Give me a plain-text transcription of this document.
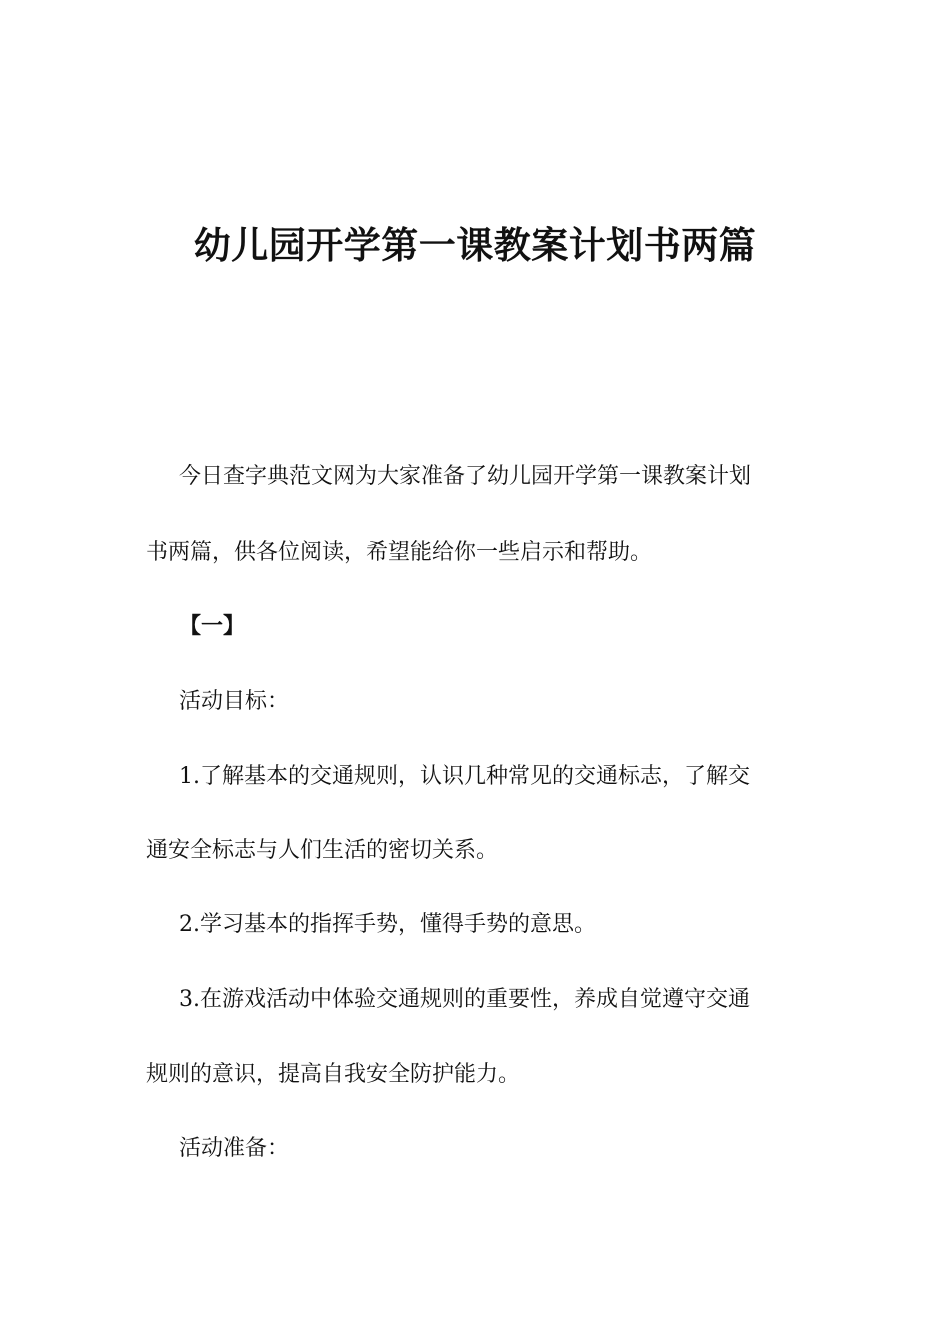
幼儿园开学第一课教案计划书两篇
今日查字典范文网为大家准备了幼儿园开学第一课教案计划
书两篇，供各位阅读，希望能给你一些启示和帮助。
【一】
活动目标：
1.了解基本的交通规则，认识几种常见的交通标志，了解交
通安全标志与人们生活的密切关系。
2.学习基本的指挥手势，懂得手势的意思。
3.在游戏活动中体验交通规则的重要性，养成自觉遵守交通
规则的意识，提高自我安全防护能力。
活动准备：
